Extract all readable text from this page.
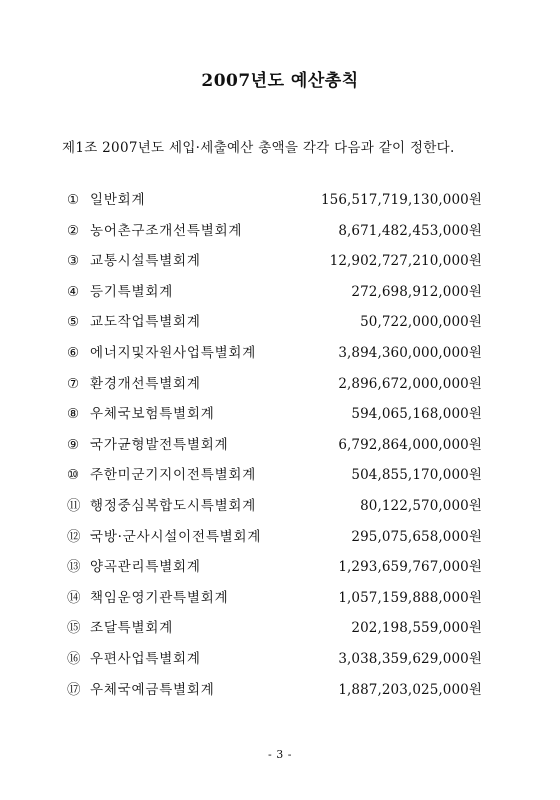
2007년도 예산총칙
제1조 2007년도 세입·세출예산 총액을 각각 다음과 같이 정한다.
① 일반회계	156,517,719,130,000원
② 농어촌구조개선특별회계	8,671,482,453,000원
③ 교통시설특별회계	12,902,727,210,000원
④ 등기특별회계	272,698,912,000원
⑤ 교도작업특별회계	50,722,000,000원
⑥ 에너지및자원사업특별회계	3,894,360,000,000원
⑦ 환경개선특별회계	2,896,672,000,000원
⑧ 우체국보험특별회계	594,065,168,000원
⑨ 국가균형발전특별회계	6,792,864,000,000원
⑩ 주한미군기지이전특별회계	504,855,170,000원
⑪ 행정중심복합도시특별회계	80,122,570,000원
⑫ 국방·군사시설이전특별회계	295,075,658,000원
⑬ 양곡관리특별회계	1,293,659,767,000원
⑭ 책임운영기관특별회계	1,057,159,888,000원
⑮ 조달특별회계	202,198,559,000원
⑯ 우편사업특별회계	3,038,359,629,000원
⑰ 우체국예금특별회계	1,887,203,025,000원
- 3 -
